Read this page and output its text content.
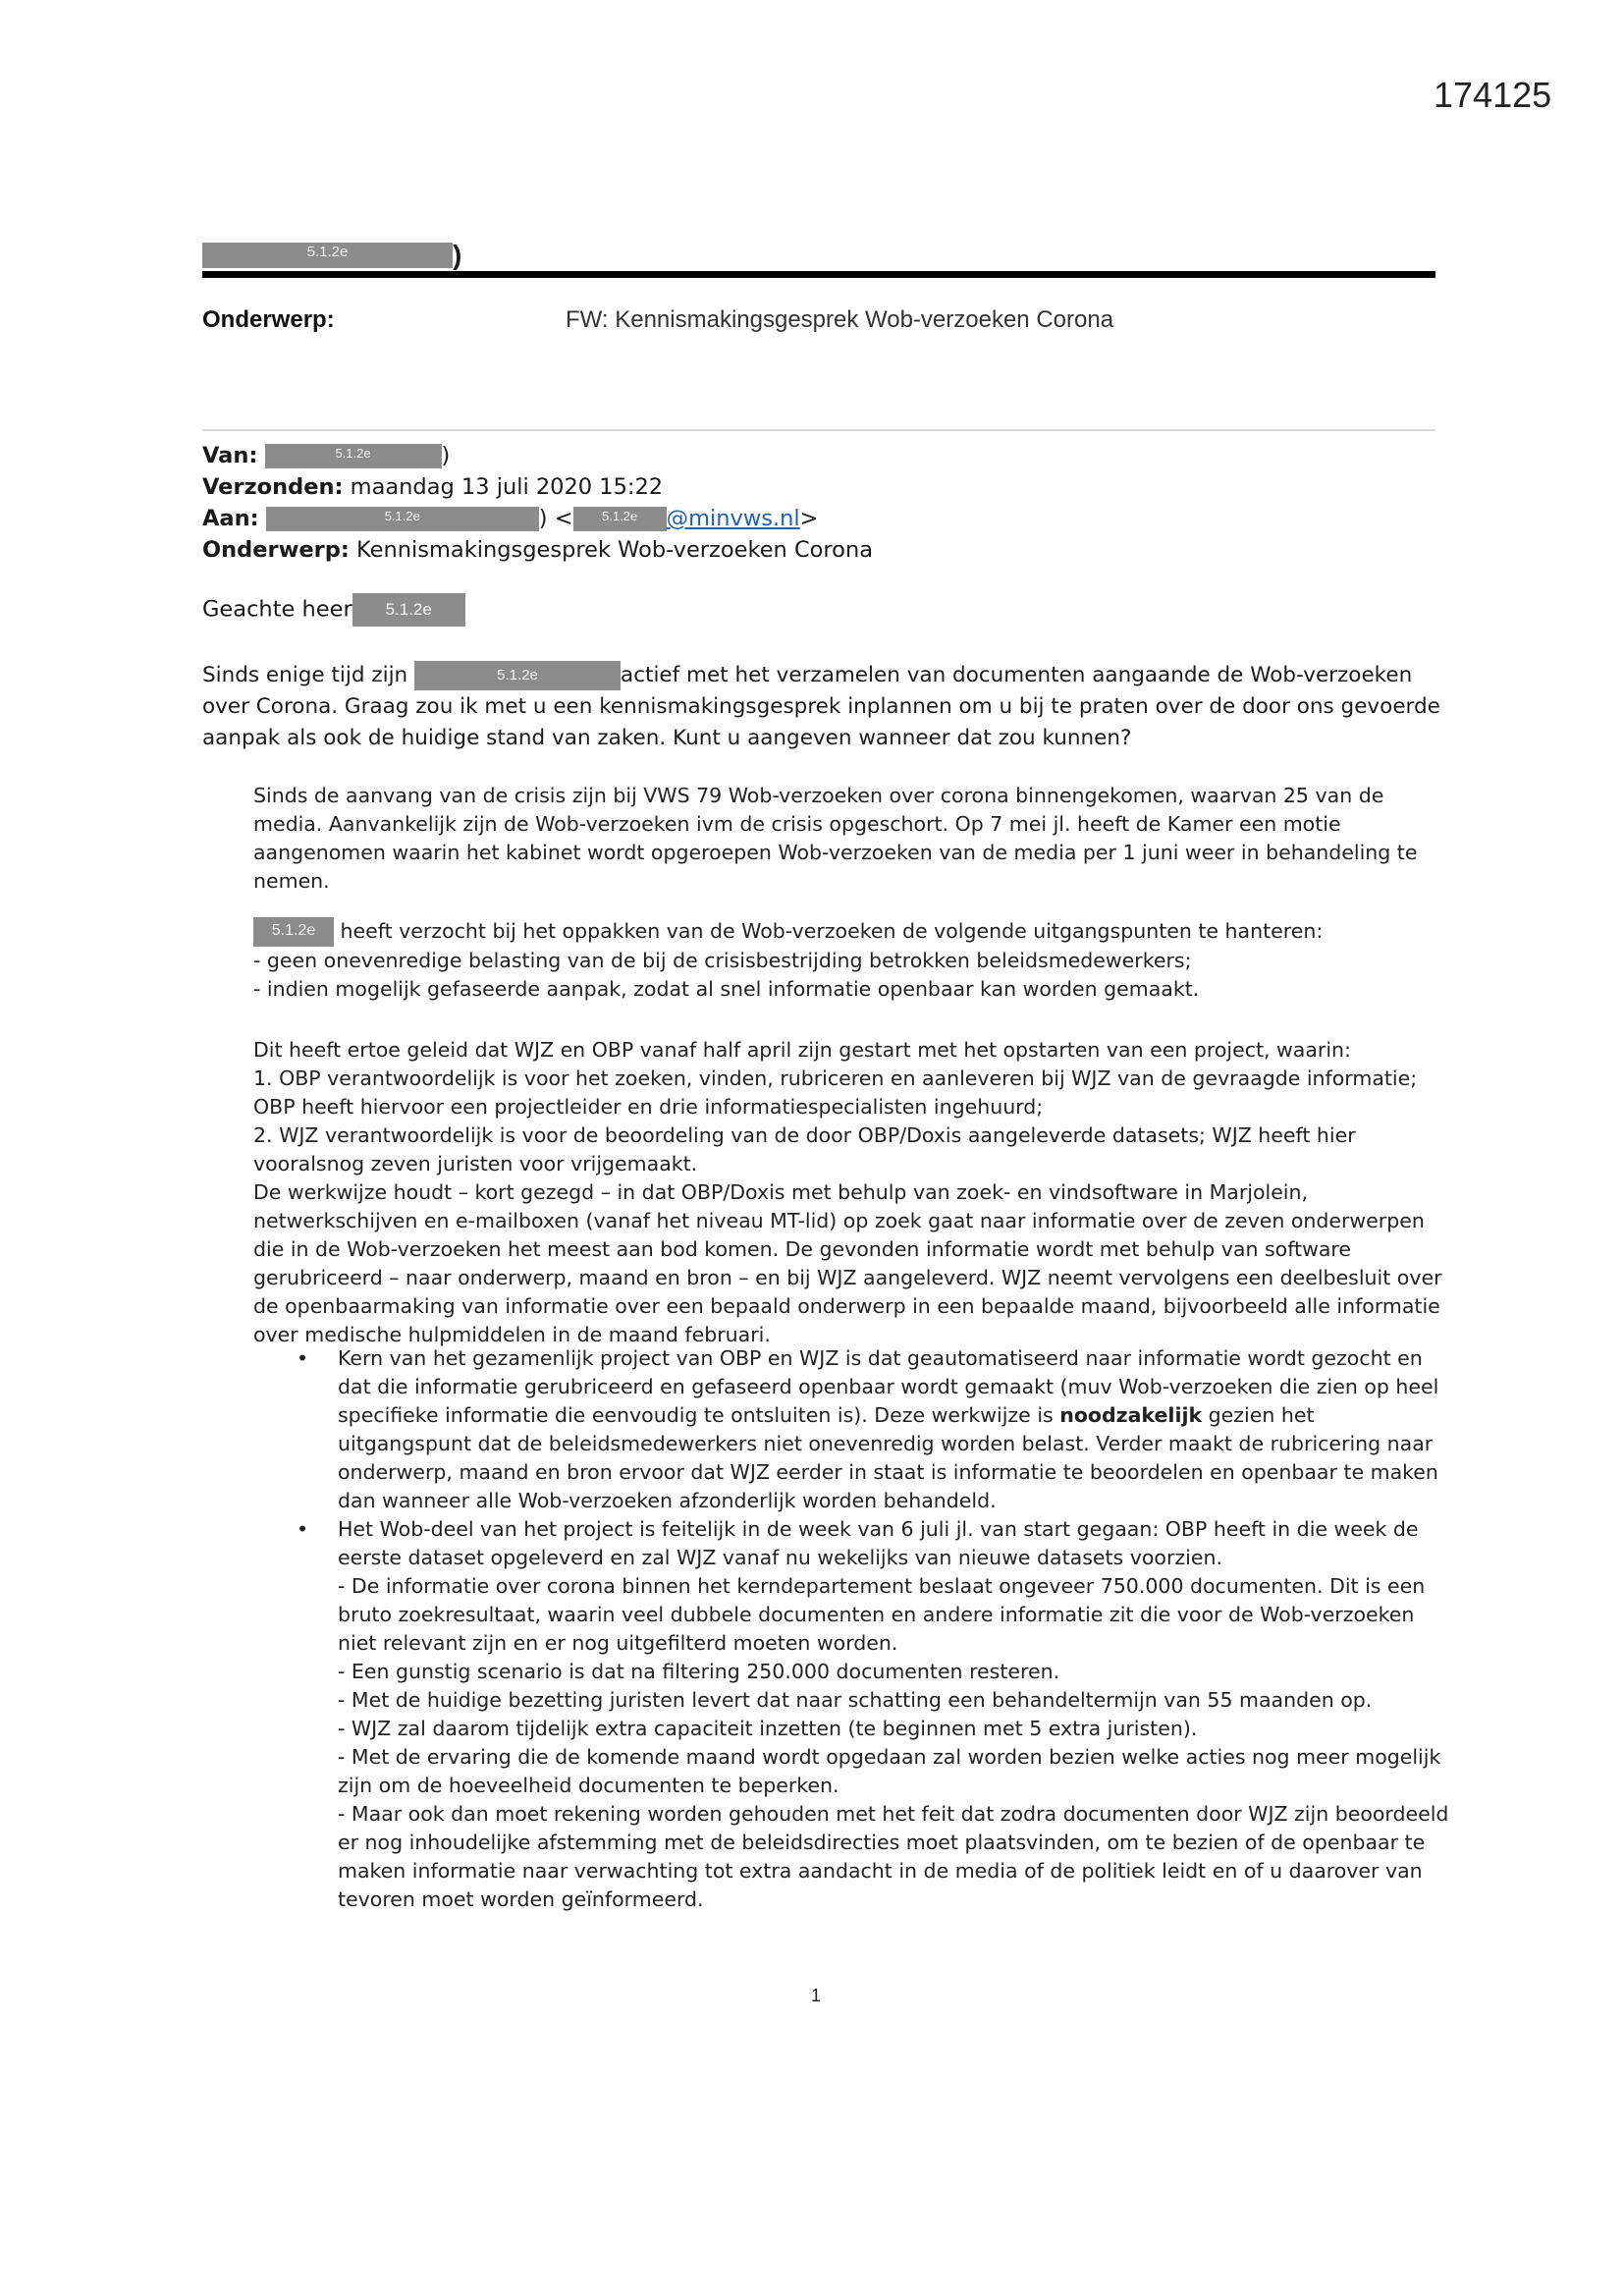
174125
5.1.2e	)
Onderwerp:	FW: Kennismakingsgesprek Wob-verzoeken Corona
Van:	5.1.2e	)
Verzonden: maandag 13 juli 2020 15:22
Aan:	5.1.2e	) < 5.1.2e @minvws.nl>
Onderwerp: Kennismakingsgesprek Wob-verzoeken Corona
Geachte heer 5.1.2e
Sinds enige tijd zijn	5.1.2e	actief met het verzamelen van documenten aangaande de Wob-verzoeken over Corona. Graag zou ik met u een kennismakingsgesprek inplannen om u bij te praten over de door ons gevoerde aanpak als ook de huidige stand van zaken. Kunt u aangeven wanneer dat zou kunnen?

Sinds de aanvang van de crisis zijn bij VWS 79 Wob-verzoeken over corona binnengekomen, waarvan 25 van de media. Aanvankelijk zijn de Wob-verzoeken ivm de crisis opgeschort. Op 7 mei jl. heeft de Kamer een motie aangenomen waarin het kabinet wordt opgeroepen Wob-verzoeken van de media per 1 juni weer in behandeling te nemen.

5.1.2e heeft verzocht bij het oppakken van de Wob-verzoeken de volgende uitgangspunten te hanteren:

- geen onevenredige belasting van de bij de crisisbestrijding betrokken beleidsmedewerkers;

- indien mogelijk gefaseerde aanpak, zodat al snel informatie openbaar kan worden gemaakt.

Dit heeft ertoe geleid dat WJZ en OBP vanaf half april zijn gestart met het opstarten van een project, waarin:

1. OBP verantwoordelijk is voor het zoeken, vinden, rubriceren en aanleveren bij WJZ van de gevraagde informatie; OBP heeft hiervoor een projectleider en drie informatiespecialisten ingehuurd;

2. WJZ verantwoordelijk is voor de beoordeling van de door OBP/Doxis aangeleverde datasets; WJZ heeft hier vooralsnog zeven juristen voor vrijgemaakt.

De werkwijze houdt – kort gezegd – in dat OBP/Doxis met behulp van zoek- en vindsoftware in Marjolein, netwerkschijven en e-mailboxen (vanaf het niveau MT-lid) op zoek gaat naar informatie over de zeven onderwerpen die in de Wob-verzoeken het meest aan bod komen. De gevonden informatie wordt met behulp van software gerubriceerd – naar onderwerp, maand en bron – en bij WJZ aangeleverd. WJZ neemt vervolgens een deelbesluit over de openbaarmaking van informatie over een bepaald onderwerp in een bepaalde maand, bijvoorbeeld alle informatie over medische hulpmiddelen in de maand februari.

• Kern van het gezamenlijk project van OBP en WJZ is dat geautomatiseerd naar informatie wordt gezocht en dat die informatie gerubriceerd en gefaseerd openbaar wordt gemaakt (muv Wob-verzoeken die zien op heel specifieke informatie die eenvoudig te ontsluiten is). Deze werkwijze is noodzakelijk gezien het uitgangspunt dat de beleidsmedewerkers niet onevenredig worden belast. Verder maakt de rubricering naar onderwerp, maand en bron ervoor dat WJZ eerder in staat is informatie te beoordelen en openbaar te maken dan wanneer alle Wob-verzoeken afzonderlijk worden behandeld.
• Het Wob-deel van het project is feitelijk in de week van 6 juli jl. van start gegaan: OBP heeft in die week de eerste dataset opgeleverd en zal WJZ vanaf nu wekelijks van nieuwe datasets voorzien.
- De informatie over corona binnen het kerndepartement beslaat ongeveer 750.000 documenten. Dit is een bruto zoekresultaat, waarin veel dubbele documenten en andere informatie zit die voor de Wob-verzoeken niet relevant zijn en er nog uitgefilterd moeten worden.
- Een gunstig scenario is dat na filtering 250.000 documenten resteren.
- Met de huidige bezetting juristen levert dat naar schatting een behandeltermijn van 55 maanden op.
- WJZ zal daarom tijdelijk extra capaciteit inzetten (te beginnen met 5 extra juristen).
- Met de ervaring die de komende maand wordt opgedaan zal worden bezien welke acties nog meer mogelijk zijn om de hoeveelheid documenten te beperken.
- Maar ook dan moet rekening worden gehouden met het feit dat zodra documenten door WJZ zijn beoordeeld er nog inhoudelijke afstemming met de beleidsdirecties moet plaatsvinden, om te bezien of de openbaar te maken informatie naar verwachting tot extra aandacht in de media of de politiek leidt en of u daarover van tevoren moet worden geïnformeerd.
1
